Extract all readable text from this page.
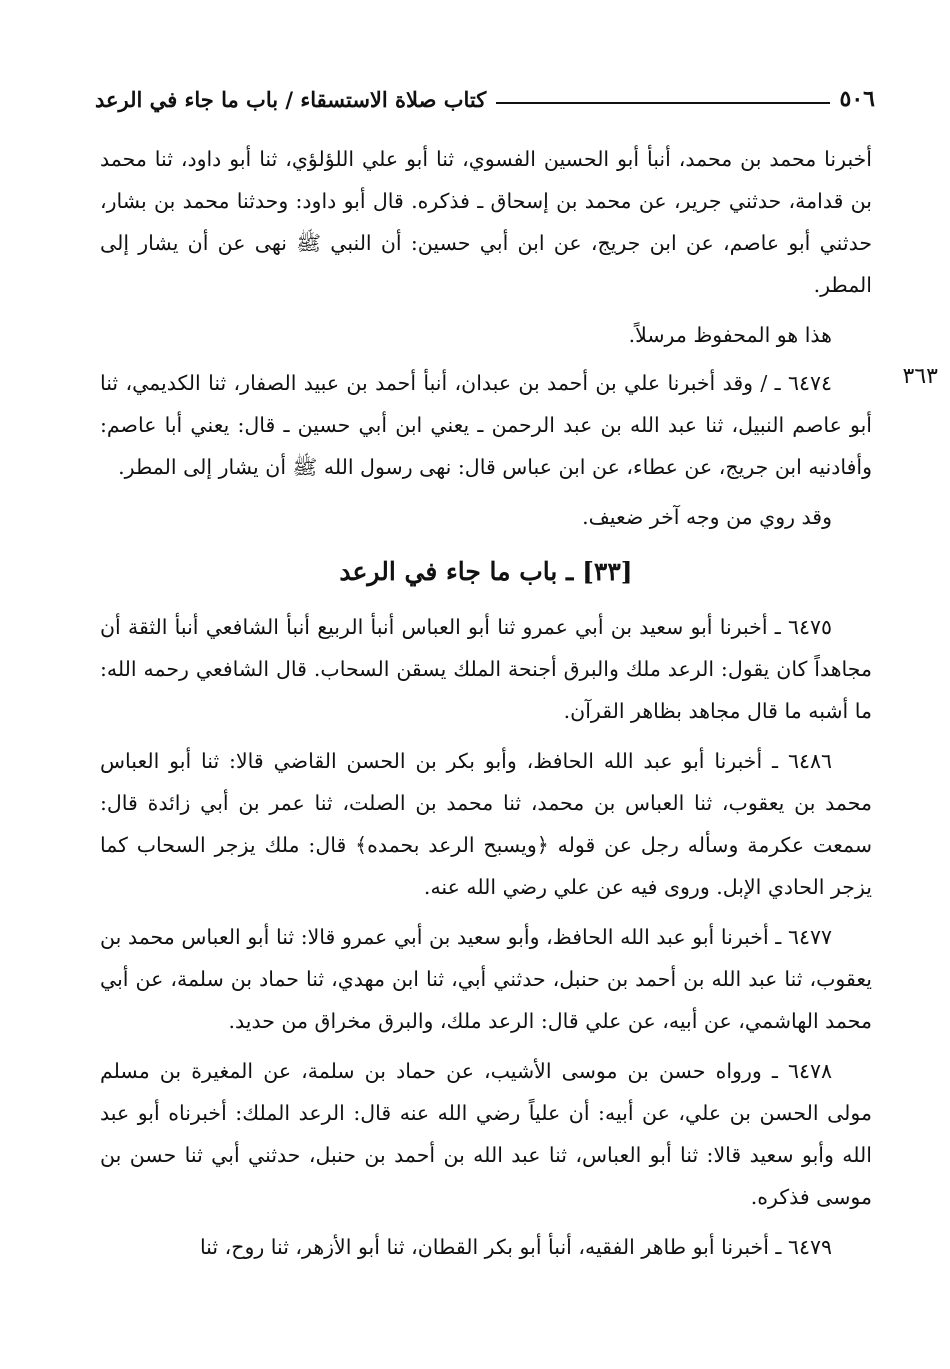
٥٠٦
كتاب صلاة الاستسقاء / باب ما جاء في الرعد
٣٦٣

أخبرنا محمد بن محمد، أنبأ أبو الحسين الفسوي، ثنا أبو علي اللؤلؤي، ثنا أبو داود، ثنا محمد بن قدامة، حدثني جرير، عن محمد بن إسحاق ـ فذكره. قال أبو داود: وحدثنا محمد بن بشار، حدثني أبو عاصم، عن ابن جريج، عن ابن أبي حسين: أن النبي ﷺ نهى عن أن يشار إلى المطر.

هذا هو المحفوظ مرسلاً.

٦٤٧٤ ـ / وقد أخبرنا علي بن أحمد بن عبدان، أنبأ أحمد بن عبيد الصفار، ثنا الكديمي، ثنا أبو عاصم النبيل، ثنا عبد الله بن عبد الرحمن ـ يعني ابن أبي حسين ـ قال: يعني أبا عاصم: وأفادنيه ابن جريج، عن عطاء، عن ابن عباس قال: نهى رسول الله ﷺ أن يشار إلى المطر.

وقد روي من وجه آخر ضعيف.

[٣٣] ـ باب ما جاء في الرعد

٦٤٧٥ ـ أخبرنا أبو سعيد بن أبي عمرو ثنا أبو العباس أنبأ الربيع أنبأ الشافعي أنبأ الثقة أن مجاهداً كان يقول: الرعد ملك والبرق أجنحة الملك يسقن السحاب. قال الشافعي رحمه الله: ما أشبه ما قال مجاهد بظاهر القرآن.

٦٤٨٦ ـ أخبرنا أبو عبد الله الحافظ، وأبو بكر بن الحسن القاضي قالا: ثنا أبو العباس محمد بن يعقوب، ثنا العباس بن محمد، ثنا محمد بن الصلت، ثنا عمر بن أبي زائدة قال: سمعت عكرمة وسأله رجل عن قوله ﴿ويسبح الرعد بحمده﴾ قال: ملك يزجر السحاب كما يزجر الحادي الإبل. وروى فيه عن علي رضي الله عنه.

٦٤٧٧ ـ أخبرنا أبو عبد الله الحافظ، وأبو سعيد بن أبي عمرو قالا: ثنا أبو العباس محمد بن يعقوب، ثنا عبد الله بن أحمد بن حنبل، حدثني أبي، ثنا ابن مهدي، ثنا حماد بن سلمة، عن أبي محمد الهاشمي، عن أبيه، عن علي قال: الرعد ملك، والبرق مخراق من حديد.

٦٤٧٨ ـ ورواه حسن بن موسى الأشيب، عن حماد بن سلمة، عن المغيرة بن مسلم مولى الحسن بن علي، عن أبيه: أن علياً رضي الله عنه قال: الرعد الملك: أخبرناه أبو عبد الله وأبو سعيد قالا: ثنا أبو العباس، ثنا عبد الله بن أحمد بن حنبل، حدثني أبي ثنا حسن بن موسى فذكره.

٦٤٧٩ ـ أخبرنا أبو طاهر الفقيه، أنبأ أبو بكر القطان، ثنا أبو الأزهر، ثنا روح، ثنا
